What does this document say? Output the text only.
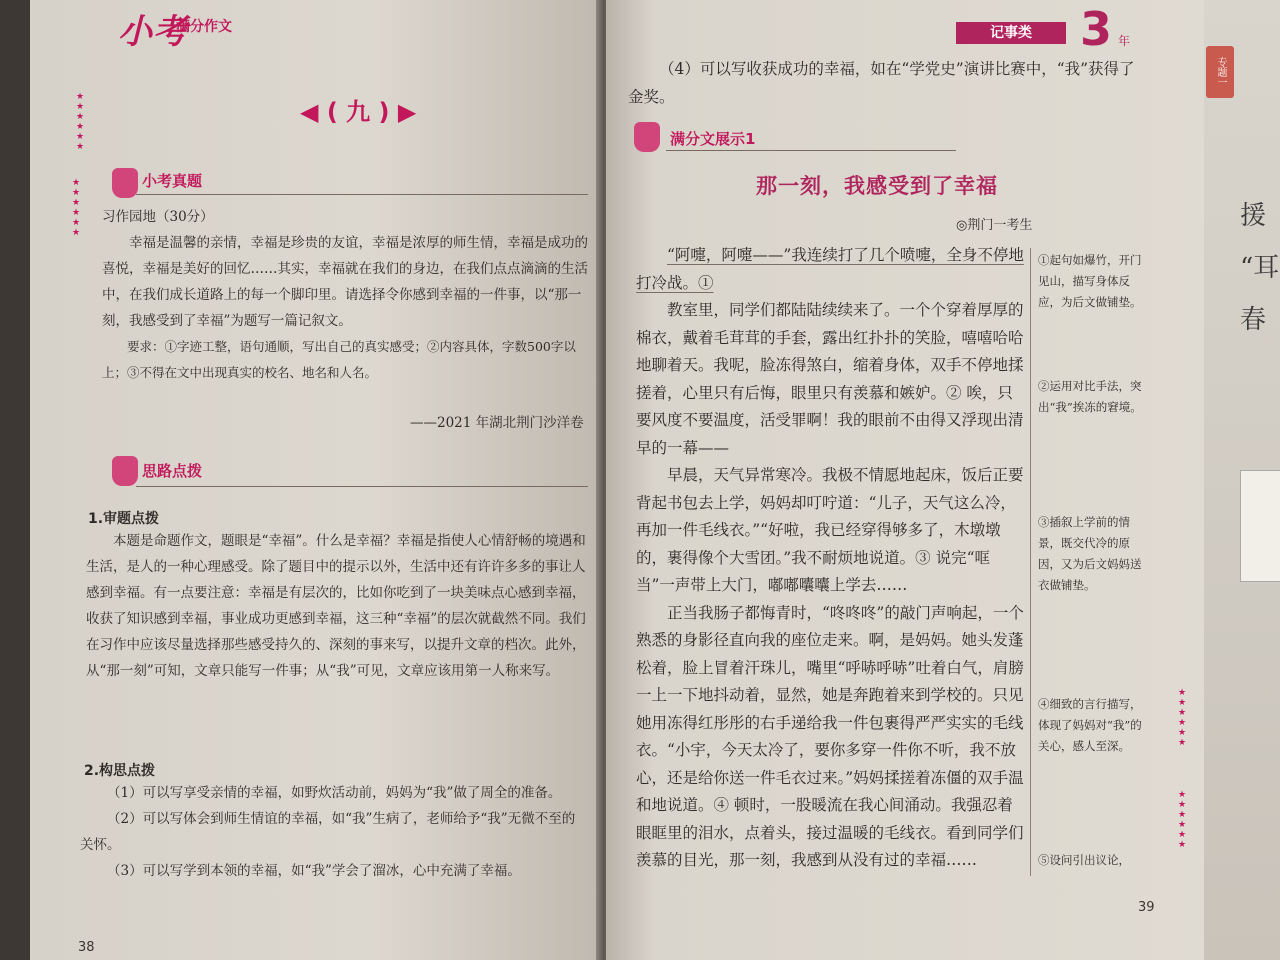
小考
满分作文
★
★
★
★
★
★
◀ ( 九 ) ▶
★
★
★
★
★
★
小考真题

习作园地（30分）

幸福是温馨的亲情，幸福是珍贵的友谊，幸福是浓厚的师生情，幸福是成功的喜悦，幸福是美好的回忆……其实，幸福就在我们的身边，在我们点点滴滴的生活中，在我们成长道路上的每一个脚印里。请选择令你感到幸福的一件事，以“那一刻，我感受到了幸福”为题写一篇记叙文。

要求：①字迹工整，语句通顺，写出自己的真实感受；②内容具体，字数500字以上；③不得在文中出现真实的校名、地名和人名。

——2021 年湖北荆门沙洋卷
思路点拨
1.审题点拨

本题是命题作文，题眼是“幸福”。什么是幸福？幸福是指使人心情舒畅的境遇和生活，是人的一种心理感受。除了题目中的提示以外，生活中还有许许多多的事让人感到幸福。有一点要注意：幸福是有层次的，比如你吃到了一块美味点心感到幸福，收获了知识感到幸福，事业成功更感到幸福，这三种“幸福”的层次就截然不同。我们在习作中应该尽量选择那些感受持久的、深刻的事来写，以提升文章的档次。此外，从“那一刻”可知，文章只能写一件事；从“我”可见，文章应该用第一人称来写。

2.构思点拨

（1）可以写享受亲情的幸福，如野炊活动前，妈妈为“我”做了周全的准备。

（2）可以写体会到师生情谊的幸福，如“我”生病了，老师给予“我”无微不至的关怀。

（3）可以写学到本领的幸福，如“我”学会了溜冰，心中充满了幸福。

38
记事类	3 年

（4）可以写收获成功的幸福，如在“学党史”演讲比赛中，“我”获得了金奖。

满分文展示1
那一刻，我感受到了幸福
◎荆门一考生

“阿嚏，阿嚏——”我连续打了几个喷嚏，全身不停地打冷战。①

教室里，同学们都陆陆续续来了。一个个穿着厚厚的棉衣，戴着毛茸茸的手套，露出红扑扑的笑脸，嘻嘻哈哈地聊着天。我呢，脸冻得煞白，缩着身体，双手不停地揉搓着，心里只有后悔，眼里只有羡慕和嫉妒。② 唉，只要风度不要温度，活受罪啊！我的眼前不由得又浮现出清早的一幕——

早晨，天气异常寒冷。我极不情愿地起床，饭后正要背起书包去上学，妈妈却叮咛道：“儿子，天气这么冷，再加一件毛线衣。”“好啦，我已经穿得够多了，木墩墩的，裹得像个大雪团。”我不耐烦地说道。③ 说完“哐当”一声带上大门，嘟嘟囔囔上学去……

正当我肠子都悔青时，“咚咚咚”的敲门声响起，一个熟悉的身影径直向我的座位走来。啊，是妈妈。她头发蓬松着，脸上冒着汗珠儿，嘴里“呼哧呼哧”吐着白气，肩膀一上一下地抖动着，显然，她是奔跑着来到学校的。只见她用冻得红彤彤的右手递给我一件包裹得严严实实的毛线衣。“小宇，今天太冷了，要你多穿一件你不听，我不放心，还是给你送一件毛衣过来。”妈妈揉搓着冻僵的双手温和地说道。④ 顿时，一股暖流在我心间涌动。我强忍着眼眶里的泪水，点着头，接过温暖的毛线衣。看到同学们羡慕的目光，那一刻，我感到从没有过的幸福……

①起句如爆竹，开门见山，描写身体反应，为后文做铺垫。
②运用对比手法，突出“我”挨冻的窘境。
③插叙上学前的情景，既交代冷的原因，又为后文妈妈送衣做铺垫。
④细致的言行描写，体现了妈妈对“我”的关心，感人至深。
⑤设问引出议论，
★
★
★
★
★
★
★
★
★
★
★
★
39
专题一
援
“耳
春
